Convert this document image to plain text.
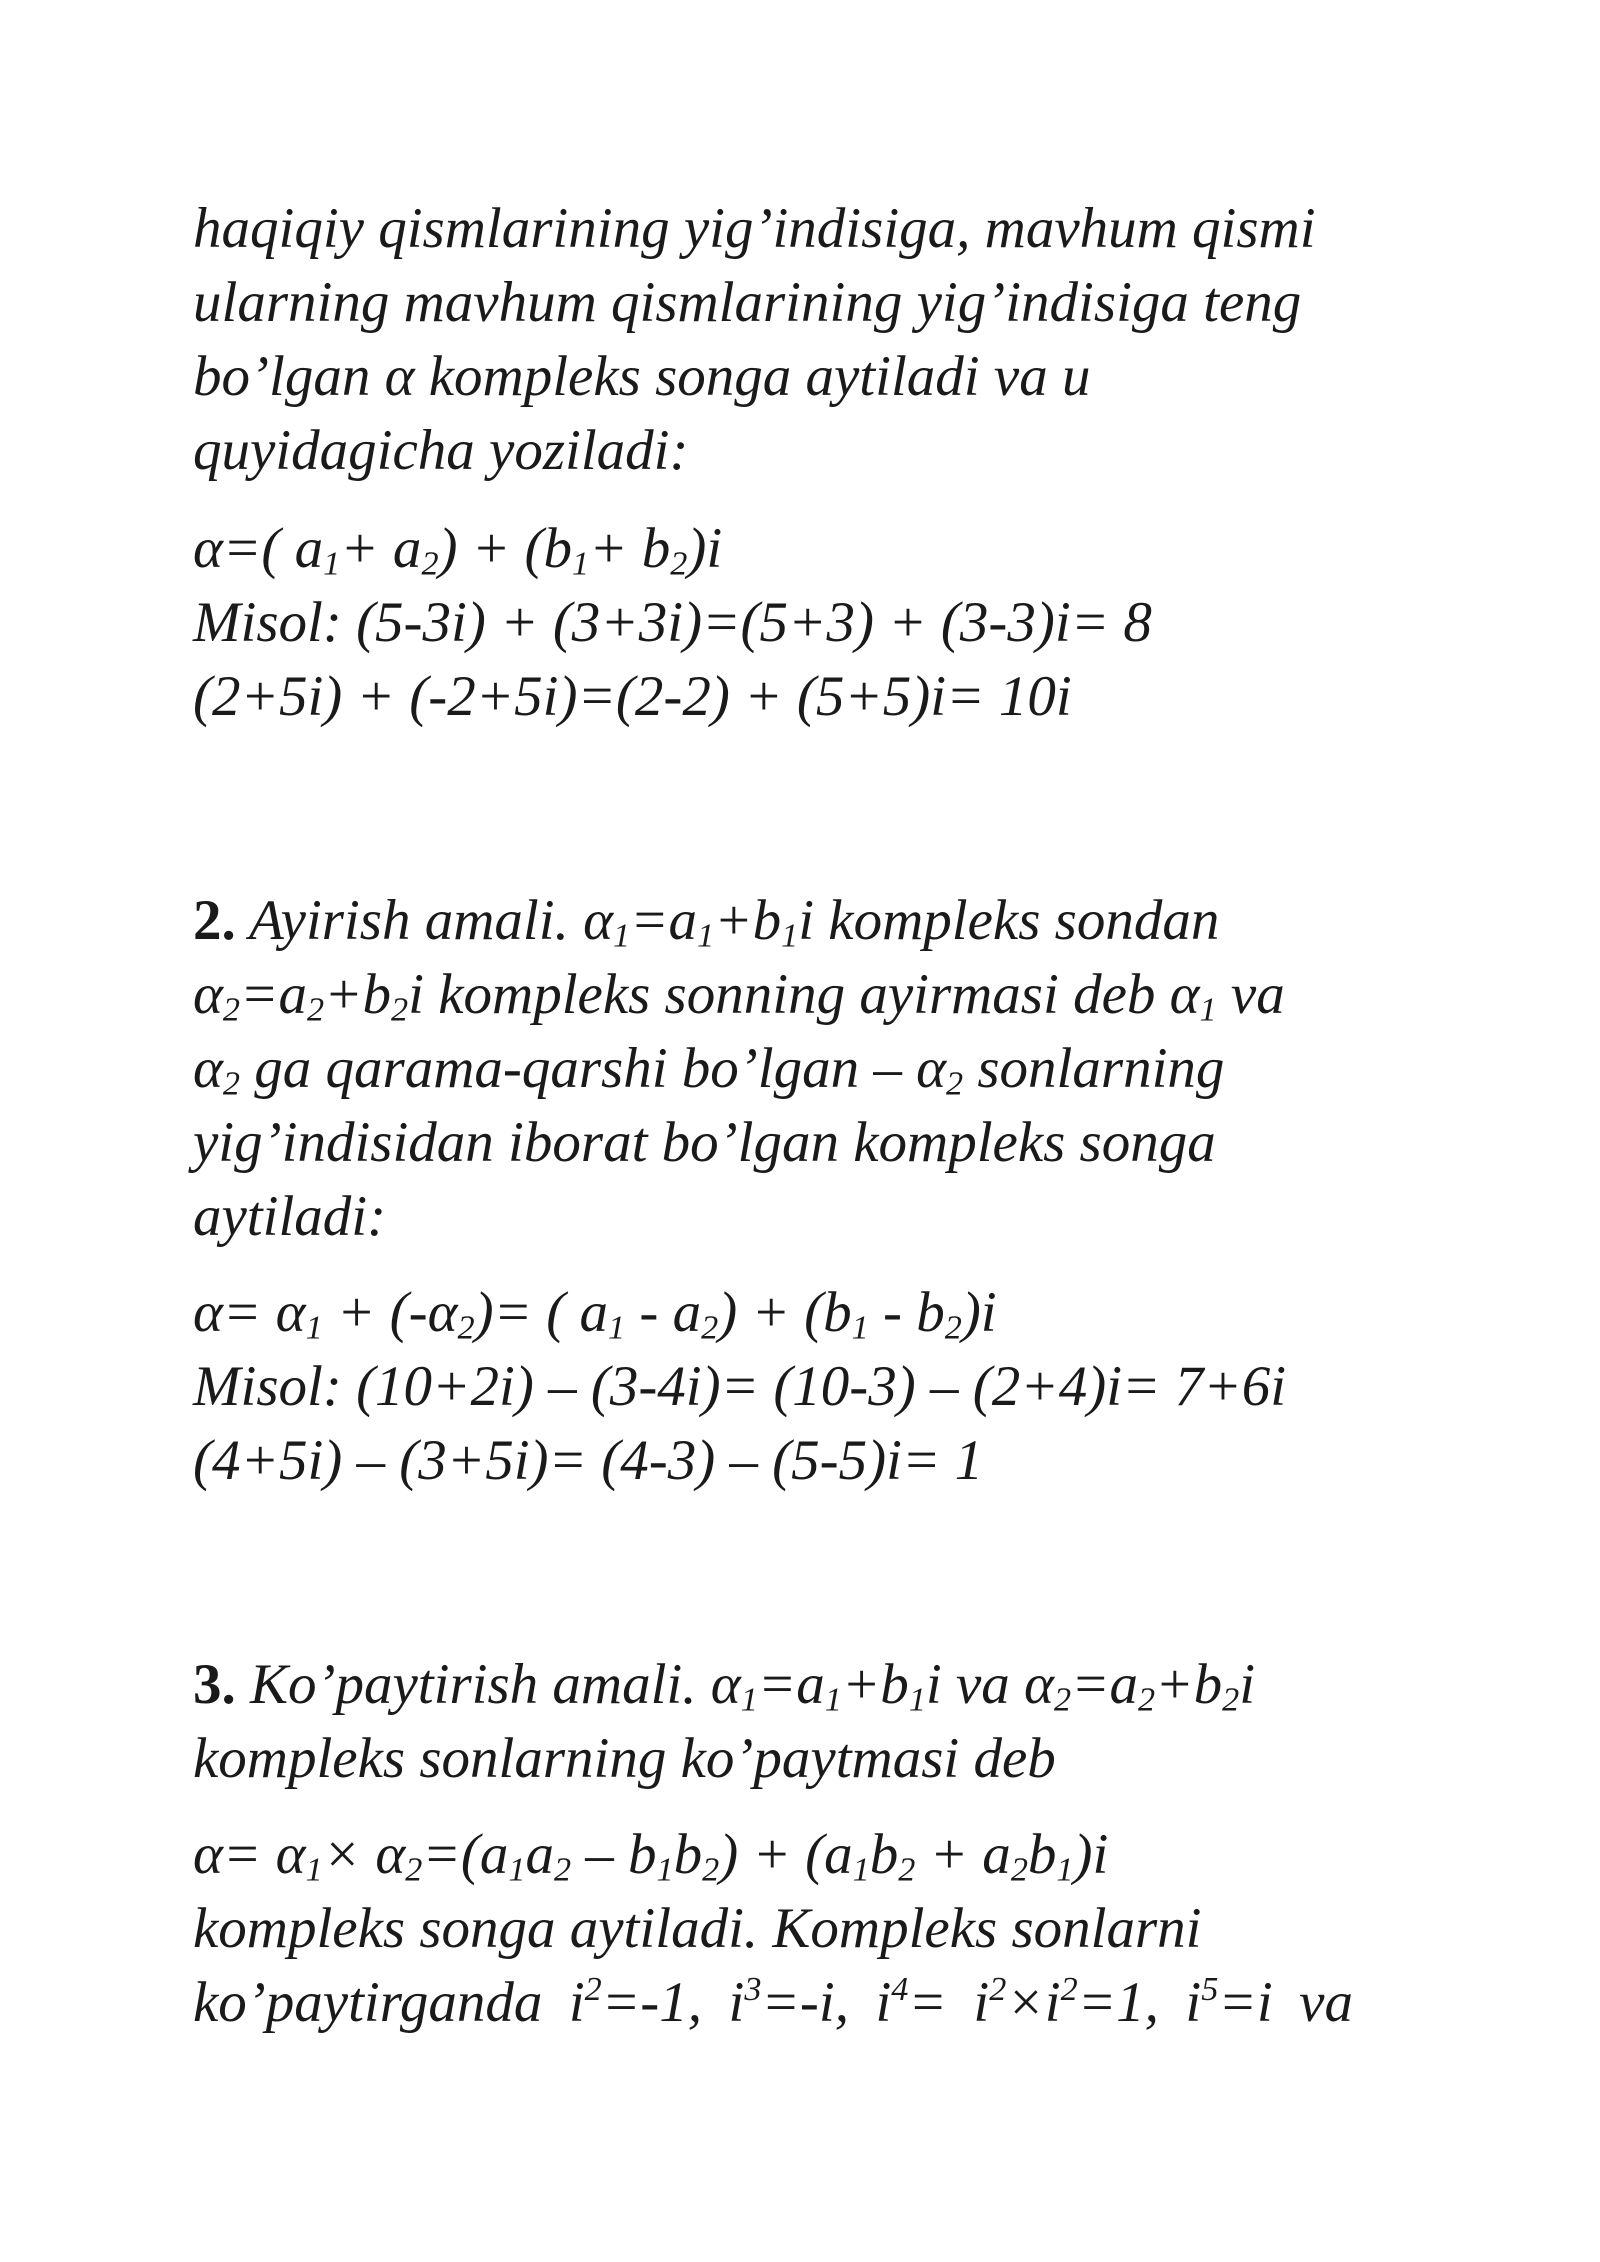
haqiqiy qismlarining yig’indisiga, mavhum qismi
ularning mavhum qismlarining yig’indisiga teng
bo’lgan α kompleks songa aytiladi va u
quyidagicha yoziladi:
α=( $a_1+ a_2) + (b_1+ b_2)i$
Misol: (5-3i) + (3+3i)=(5+3) + (3-3)i= 8
(2+5i) + (-2+5i)=(2-2) + (5+5)i= 10i
2. Ayirish amali. $\alpha_1=a_1+b_1i$ kompleks sondan
$\alpha_2=a_2+b_2i$ kompleks sonning ayirmasi deb $\alpha_1$ va
$\alpha_2$ ga qarama-qarshi bo’lgan – $\alpha_2$ sonlarning
yig’indisidan iborat bo’lgan kompleks songa
aytiladi:
$\alpha= \alpha_1 + (-\alpha_2)=$ ( $a_1 - a_2) + (b_1 - b_2)i$
Misol: (10+2i) – (3-4i)= (10-3) – (2+4)i= 7+6i
(4+5i) – (3+5i)= (4-3) – (5-5)i= 1
3. Ko’paytirish amali. $\alpha_1=a_1+b_1i$ va $\alpha_2=a_2+b_2i$
kompleks sonlarning ko’paytmasi deb
$\alpha= \alpha_1\times \alpha_2=(a_1a_2 - b_1b_2) + (a_1b_2 + a_2b_1)i$
kompleks songa aytiladi. Kompleks sonlarni
ko’paytirganda $i^2=-1$, $i^3=-i$, $i^4= i^2\times i^2=1$, $i^5=i$ va
